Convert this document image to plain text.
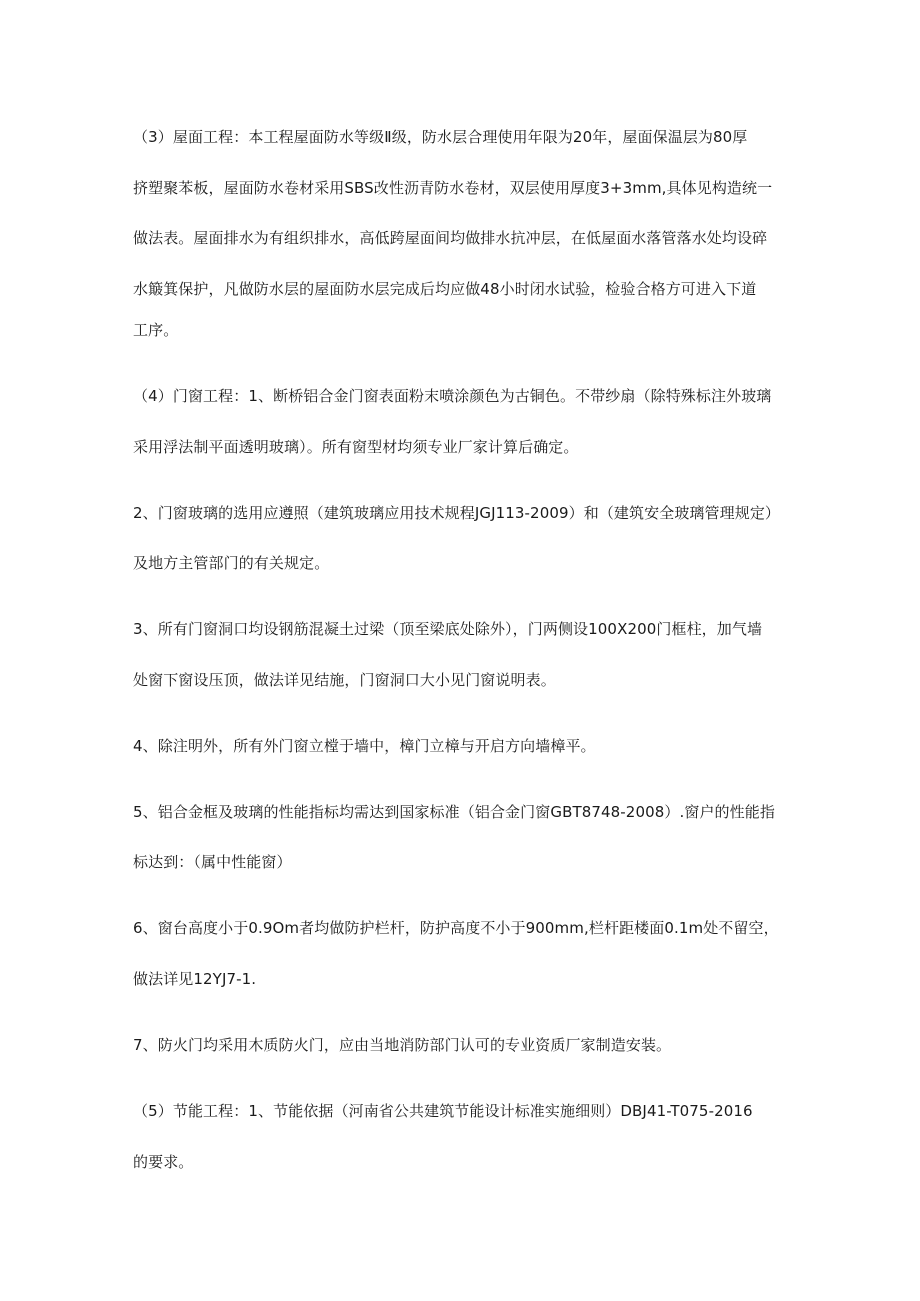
（3）屋面工程：本工程屋面防水等级Ⅱ级，防水层合理使用年限为20年，屋面保温层为80厚
挤塑聚苯板，屋面防水卷材采用SBS改性沥青防水卷材，双层使用厚度3+3mm,具体见构造统一
做法表。屋面排水为有组织排水，高低跨屋面间均做排水抗冲层，在低屋面水落管落水处均设碎
水簸箕保护，凡做防水层的屋面防水层完成后均应做48小时闭水试验，检验合格方可进入下道
工序。
（4）门窗工程：1、断桥铝合金门窗表面粉末喷涂颜色为古铜色。不带纱扇（除特殊标注外玻璃
采用浮法制平面透明玻璃）。所有窗型材均须专业厂家计算后确定。
2、门窗玻璃的选用应遵照（建筑玻璃应用技术规程JGJ113-2009）和（建筑安全玻璃管理规定）
及地方主管部门的有关规定。
3、所有门窗洞口均设钢筋混凝土过梁（顶至梁底处除外），门两侧设100X200门框柱，加气墙
处窗下窗设压顶，做法详见结施，门窗洞口大小见门窗说明表。
4、除注明外，所有外门窗立樘于墙中，樟门立樟与开启方向墙樟平。
5、铝合金框及玻璃的性能指标均需达到国家标准（铝合金门窗GBT8748-2008）.窗户的性能指
标达到：（属中性能窗）
6、窗台高度小于0.9Om者均做防护栏杆，防护高度不小于900mm,栏杆距楼面0.1m处不留空，
做法详见12YJ7-1.
7、防火门均采用木质防火门，应由当地消防部门认可的专业资质厂家制造安装。
（5）节能工程：1、节能依据（河南省公共建筑节能设计标准实施细则）DBJ41-T075-2016
的要求。
